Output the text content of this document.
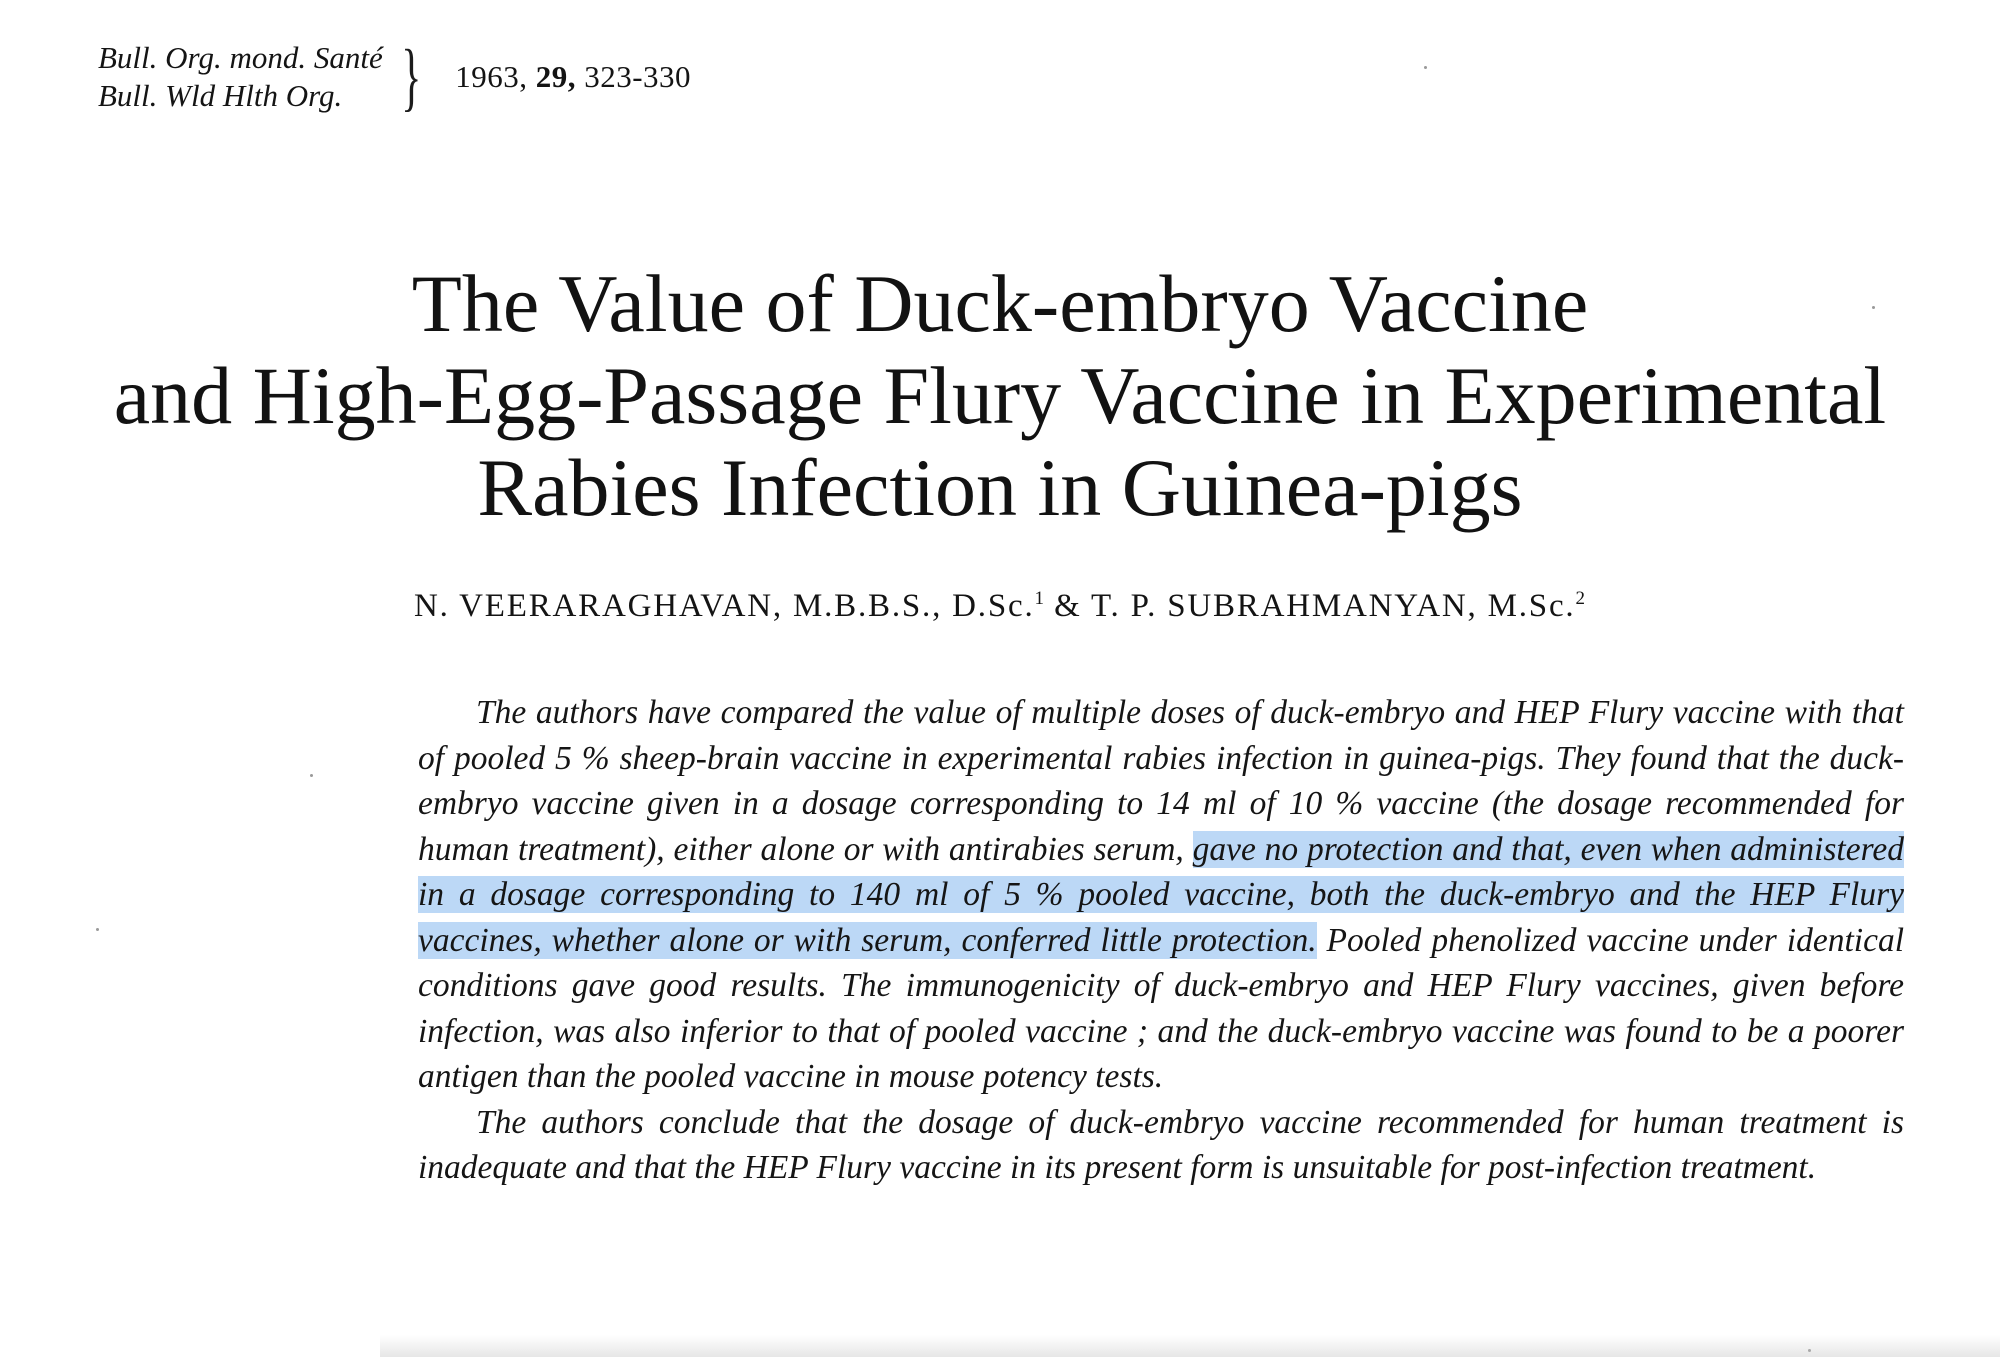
Bull. Org. mond. Santé
Bull. Wld Hlth Org. } 1963, 29, 323-330
The Value of Duck-embryo Vaccine
and High-Egg-Passage Flury Vaccine in Experimental
Rabies Infection in Guinea-pigs
N. VEERARAGHAVAN, M.B.B.S., D.Sc.$^1$ & T. P. SUBRAHMANYAN, M.Sc.$^2$

The authors have compared the value of multiple doses of duck-embryo and HEP Flury vaccine with that of pooled 5 % sheep-brain vaccine in experimental rabies infection in guinea-pigs. They found that the duck-embryo vaccine given in a dosage corresponding to 14 ml of 10 % vaccine (the dosage recommended for human treatment), either alone or with antirabies serum, gave no protection and that, even when administered in a dosage corresponding to 140 ml of 5 % pooled vaccine, both the duck-embryo and the HEP Flury vaccines, whether alone or with serum, conferred little protection. Pooled phenolized vaccine under identical conditions gave good results. The immunogenicity of duck-embryo and HEP Flury vaccines, given before infection, was also inferior to that of pooled vaccine ; and the duck-embryo vaccine was found to be a poorer antigen than the pooled vaccine in mouse potency tests.

The authors conclude that the dosage of duck-embryo vaccine recommended for human treatment is inadequate and that the HEP Flury vaccine in its present form is unsuitable for post-infection treatment.
